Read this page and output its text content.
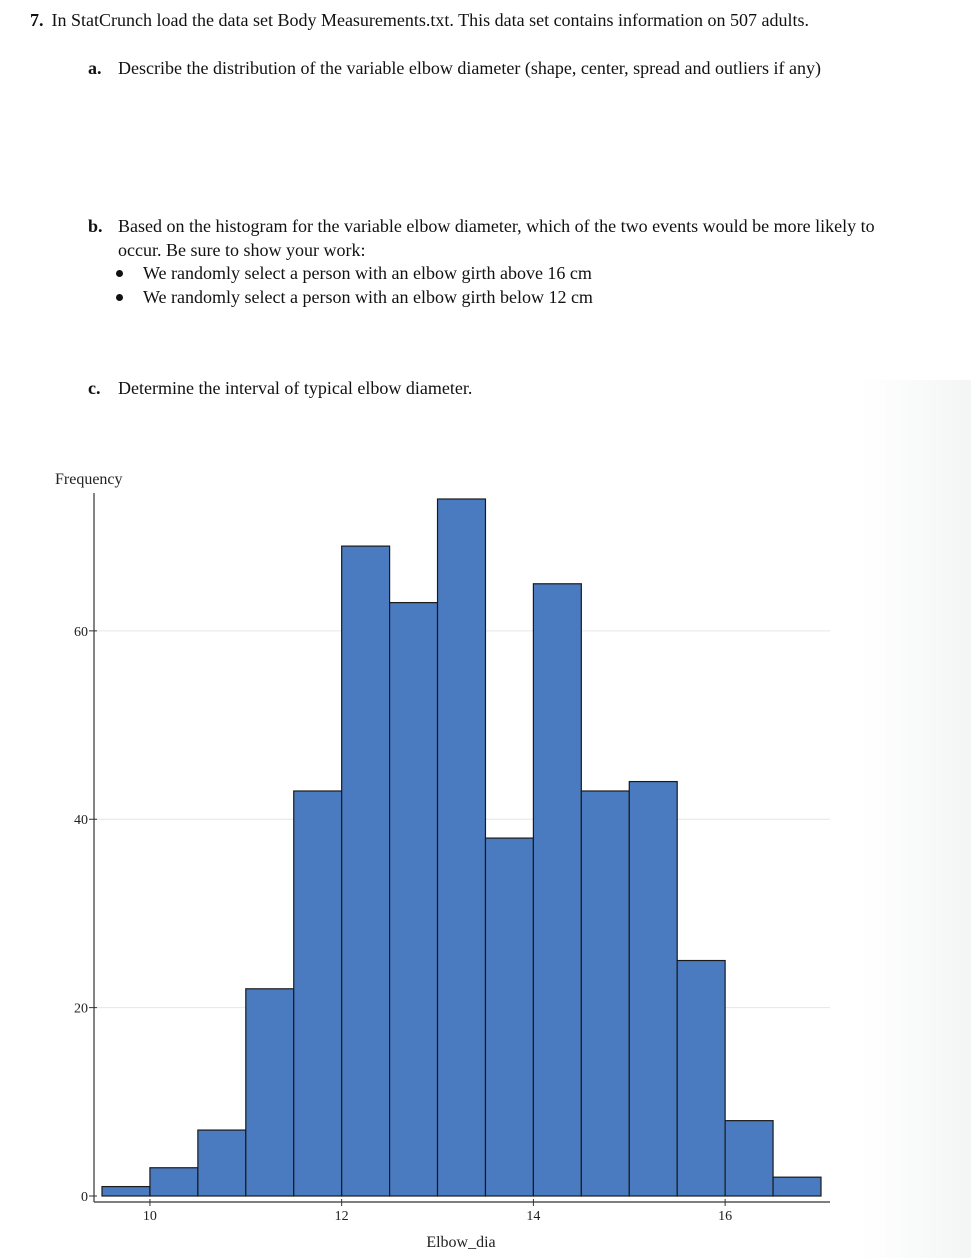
7. In StatCrunch load the data set Body Measurements.txt. This data set contains information on 507 adults.
a. Describe the distribution of the variable elbow diameter (shape, center, spread and outliers if any)
b. Based on the histogram for the variable elbow diameter, which of the two events would be more likely to
occur. Be sure to show your work:
We randomly select a person with an elbow girth above 16 cm
We randomly select a person with an elbow girth below 12 cm
c. Determine the interval of typical elbow diameter.
0
20
40
60
10	12	14	16
Frequency
Elbow_dia
